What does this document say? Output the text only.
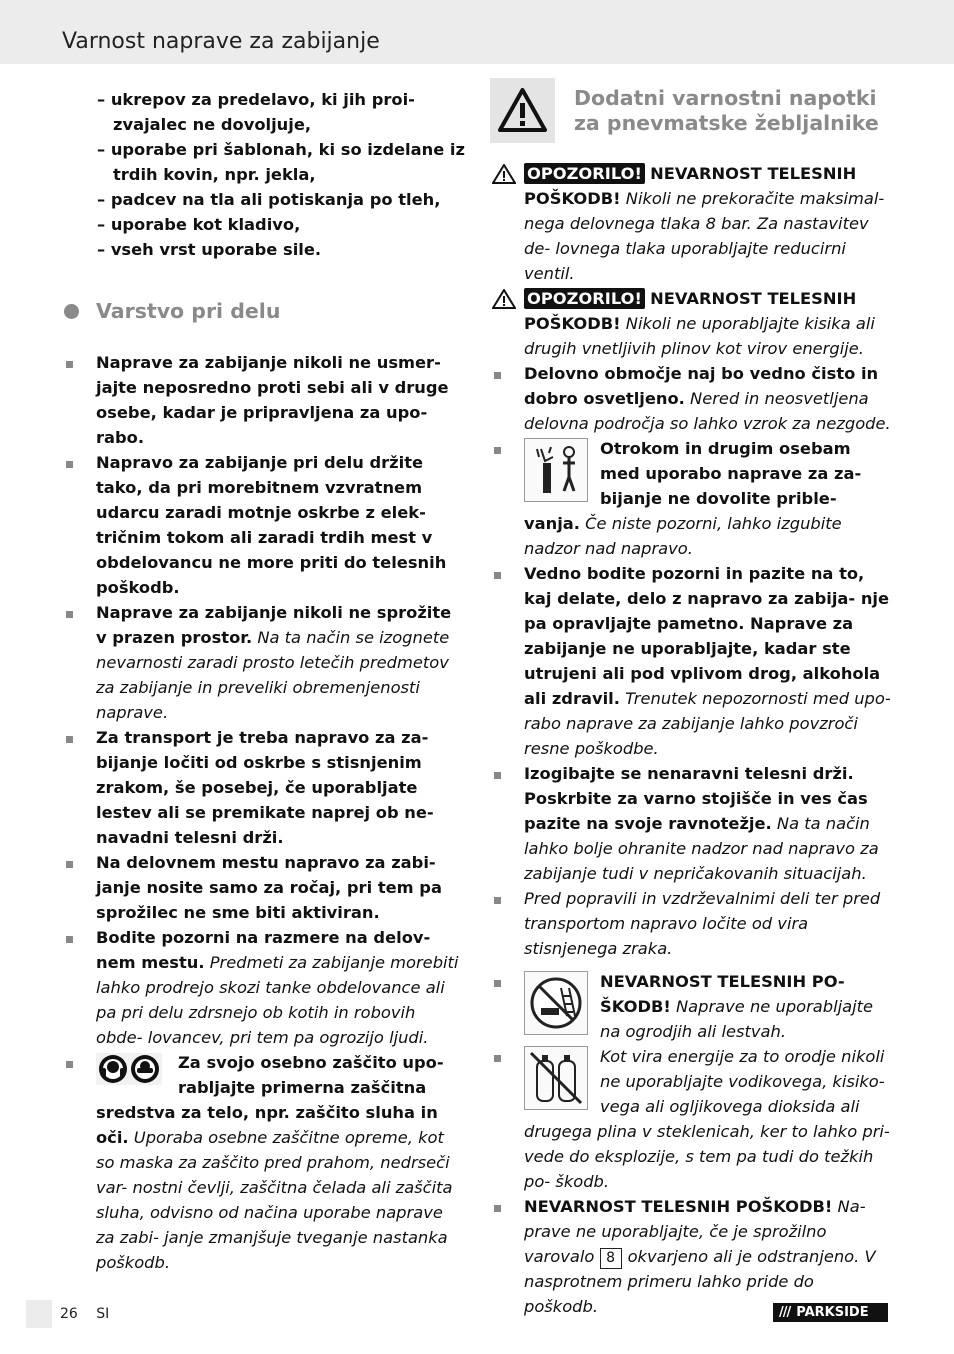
Varnost naprave za zabijanje

– ukrepov za predelavo, ki jih proi- zvajalec ne dovoljuje,

– uporabe pri šablonah, ki so izdelane iz trdih kovin, npr. jekla,

– padcev na tla ali potiskanja po tleh,

– uporabe kot kladivo,

– vseh vrst uporabe sile.

Varstvo pri delu
Naprave za zabijanje nikoli ne usmer- jajte neposredno proti sebi ali v druge osebe, kadar je pripravljena za upo- rabo.
Napravo za zabijanje pri delu držite tako, da pri morebitnem vzvratnem udarcu zaradi motnje oskrbe z elek- tričnim tokom ali zaradi trdih mest v obdelovancu ne more priti do telesnih poškodb.
Naprave za zabijanje nikoli ne sprožite v prazen prostor. Na ta način se izognete nevarnosti zaradi prosto letečih predmetov za zabijanje in preveliki obremenjenosti naprave.
Za transport je treba napravo za za- bijanje ločiti od oskrbe s stisnjenim zrakom, še posebej, če uporabljate lestev ali se premikate naprej ob ne- navadni telesni drži.
Na delovnem mestu napravo za zabi- janje nosite samo za ročaj, pri tem pa sprožilec ne sme biti aktiviran.
Bodite pozorni na razmere na delov- nem mestu. Predmeti za zabijanje morebiti lahko prodrejo skozi tanke obdelovance ali pa pri delu zdrsnejo ob kotih in robovih obde- lovancev, pri tem pa ogrozijo ljudi.
Za svojo osebno zaščito upo- rabljajte primerna zaščitna sredstva za telo, npr. zaščito sluha in oči. Uporaba osebne zaščitne opreme, kot so maska za zaščito pred prahom, nedrseči var- nostni čevlji, zaščitna čelada ali zaščita sluha, odvisno od načina uporabe naprave za zabi- janje zmanjšuje tveganje nastanka poškodb.
Dodatni varnostni napotki za pnevmatske žebljalnike
OPOZORILO! NEVARNOST TELESNIH POŠKODB! Nikoli ne prekoračite maksimal- nega delovnega tlaka 8 bar. Za nastavitev de- lovnega tlaka uporabljajte reducirni ventil.
OPOZORILO! NEVARNOST TELESNIH POŠKODB! Nikoli ne uporabljajte kisika ali drugih vnetljivih plinov kot virov energije.
Delovno območje naj bo vedno čisto in dobro osvetljeno. Nered in neosvetljena delovna področja so lahko vzrok za nezgode.
Otrokom in drugim osebam med uporabo naprave za za- bijanje ne dovolite prible- vanja. Če niste pozorni, lahko izgubite nadzor nad napravo.
Vedno bodite pozorni in pazite na to, kaj delate, delo z napravo za zabija- nje pa opravljajte pametno. Naprave za zabijanje ne uporabljajte, kadar ste utrujeni ali pod vplivom drog, alkohola ali zdravil. Trenutek nepozornosti med upo- rabo naprave za zabijanje lahko povzroči resne poškodbe.
Izogibajte se nenaravni telesni drži. Poskrbite za varno stojišče in ves čas pazite na svoje ravnotežje. Na ta način lahko bolje ohranite nadzor nad napravo za zabijanje tudi v nepričakovanih situacijah.
Pred popravili in vzdrževalnimi deli ter pred transportom napravo ločite od vira stisnjenega zraka.
NEVARNOST TELESNIH PO- ŠKODB! Naprave ne uporabljajte na ogrodjih ali lestvah.
Kot vira energije za to orodje nikoli ne uporabljajte vodikovega, kisiko- vega ali ogljikovega dioksida ali drugega plina v steklenicah, ker to lahko pri- vede do eksplozije, s tem pa tudi do težkih po- škodb.
NEVARNOST TELESNIH POŠKODB! Na- prave ne uporabljajte, če je sprožilno varovalo 8 okvarjeno ali je odstranjeno. V nasprotnem primeru lahko pride do poškodb.
26 SI	/// PARKSIDE
